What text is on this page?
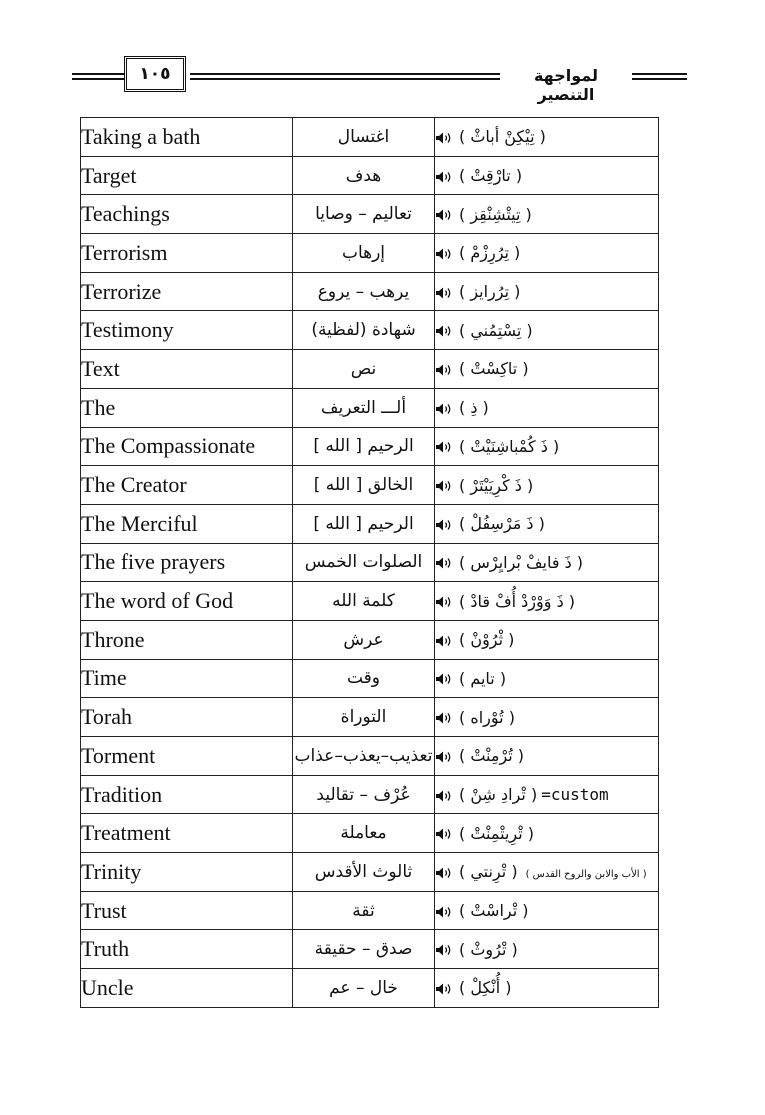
١٠٥	لمواجهة التنصير
Taking a bath	اغتسال	( تِيْكِنْ أباثْ )
Target	هدف	( تارْقِتْ )
Teachings	تعاليم – وصايا	( تِيتْشِنْقِز )
Terrorism	إرهاب	( تِرُرِزْمْ )
Terrorize	يرهب – يروع	( تِرُرايز )
Testimony	شهادة (لفظية)	( تِسْتِمُني )
Text	نص	( تاكِسْتْ )
The	ألـــ التعريف	( ذِ )
The Compassionate	الرحيم [ الله ]	( ذَ كُمْباشِنَيْتْ )
The Creator	الخالق [ الله ]	( ذَ كْرِيَيْتَرْ )
The Merciful	الرحيم [ الله ]	( ذَ مَرْسِفُلْ )
The five prayers	الصلوات الخمس	( ذَ فايفْ بْرايِرْس )
The word of God	كلمة الله	( ذَ وَوْرْدْ أُفْ قادْ )
Throne	عرش	( ثْرُوْنْ )
Time	وقت	( تايم )
Torah	التوراة	( تُوْراه )
Torment	تعذيب–يعذب–عذاب	( تُرْمِنْتْ )
Tradition	عُرْف – تقاليد	( تْرادِ شِنْ ) =custom
Treatment	معاملة	( تْرِيتْمِنْتْ )
Trinity	ثالوث الأقدس	( تْرِنتي ) ( الأب والابن والروح القدس )
Trust	ثقة	( تْراسْتْ )
Truth	صدق – حقيقة	( تْرُوثْ )
Uncle	خال – عم	( أُنْكِلْ )
